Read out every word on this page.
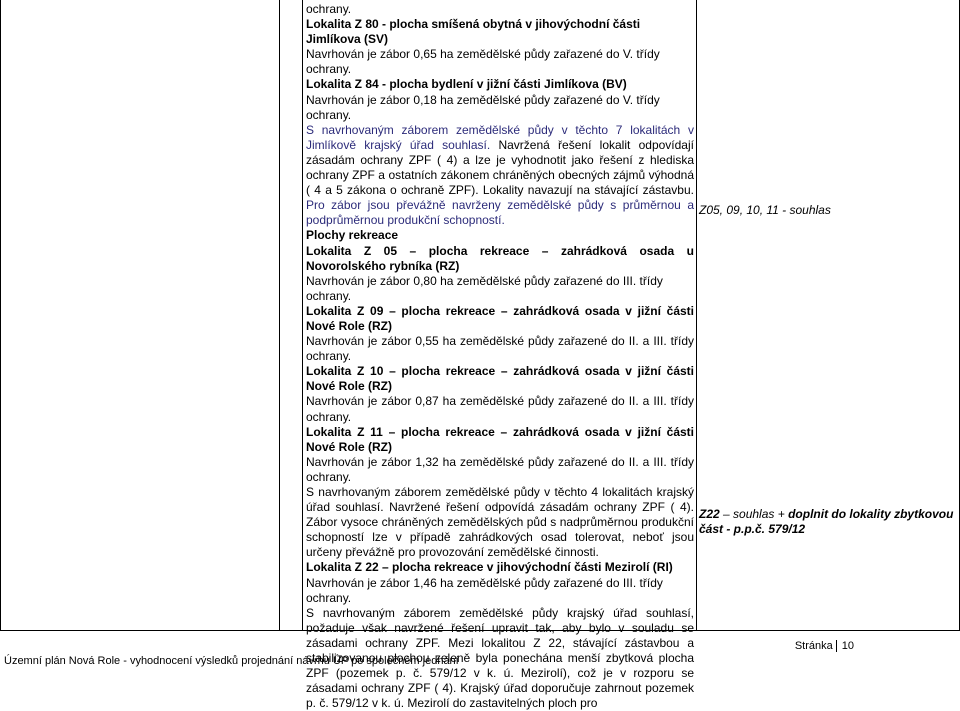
ochrany.

Lokalita Z 80 - plocha smíšená obytná v jihovýchodní části Jimlíkova (SV)

Navrhován je zábor 0,65 ha zemědělské půdy zařazené do V. třídy ochrany.

Lokalita Z 84 - plocha bydlení v jižní části Jimlíkova (BV)

Navrhován je zábor 0,18 ha zemědělské půdy zařazené do V. třídy ochrany.

S navrhovaným záborem zemědělské půdy v těchto 7 lokalitách v Jimlíkově krajský úřad souhlasí. Navržená řešení lokalit odpovídají zásadám ochrany ZPF ( 4) a lze je vyhodnotit jako řešení z hlediska ochrany ZPF a ostatních zákonem chráněných obecných zájmů výhodná ( 4 a 5 zákona o ochraně ZPF). Lokality navazují na stávající zástavbu. Pro zábor jsou převážně navrženy zemědělské půdy s průměrnou a podprůměrnou produkční schopností.

Plochy rekreace

Lokalita Z 05 – plocha rekreace – zahrádková osada u Novorolského rybníka (RZ)

Navrhován je zábor 0,80 ha zemědělské půdy zařazené do III. třídy ochrany.

Lokalita Z 09 – plocha rekreace – zahrádková osada v jižní části Nové Role (RZ)

Navrhován je zábor 0,55 ha zemědělské půdy zařazené do II. a III. třídy ochrany.

Lokalita Z 10 – plocha rekreace – zahrádková osada v jižní části Nové Role (RZ)

Navrhován je zábor 0,87 ha zemědělské půdy zařazené do II. a III. třídy ochrany.

Lokalita Z 11 – plocha rekreace – zahrádková osada v jižní části Nové Role (RZ)

Navrhován je zábor 1,32 ha zemědělské půdy zařazené do II. a III. třídy ochrany.

S navrhovaným záborem zemědělské půdy v těchto 4 lokalitách krajský úřad souhlasí. Navržené řešení odpovídá zásadám ochrany ZPF ( 4). Zábor vysoce chráněných zemědělských půd s nadprůměrnou produkční schopností lze v případě zahrádkových osad tolerovat, neboť jsou určeny převážně pro provozování zemědělské činnosti.

Lokalita Z 22 – plocha rekreace v jihovýchodní části Mezirolí (RI)

Navrhován je zábor 1,46 ha zemědělské půdy zařazené do III. třídy ochrany.

S navrhovaným záborem zemědělské půdy krajský úřad souhlasí, požaduje však navržené řešení upravit tak, aby bylo v souladu se zásadami ochrany ZPF. Mezi lokalitou Z 22, stávající zástavbou a stabilizovanou plochou zeleně byla ponechána menší zbytková plocha ZPF (pozemek p. č. 579/12 v k. ú. Mezirolí), což je v rozporu se zásadami ochrany ZPF ( 4). Krajský úřad doporučuje zahrnout pozemek p. č. 579/12 v k. ú. Mezirolí do zastavitelných ploch pro

Z05, 09, 10, 11 - souhlas
Z22 – souhlas + doplnit do lokality zbytkovou část - p.p.č. 579/12
Stránka 10
Územní plán Nová Role - vyhodnocení výsledků projednání návrhu ÚP po společném jednání
